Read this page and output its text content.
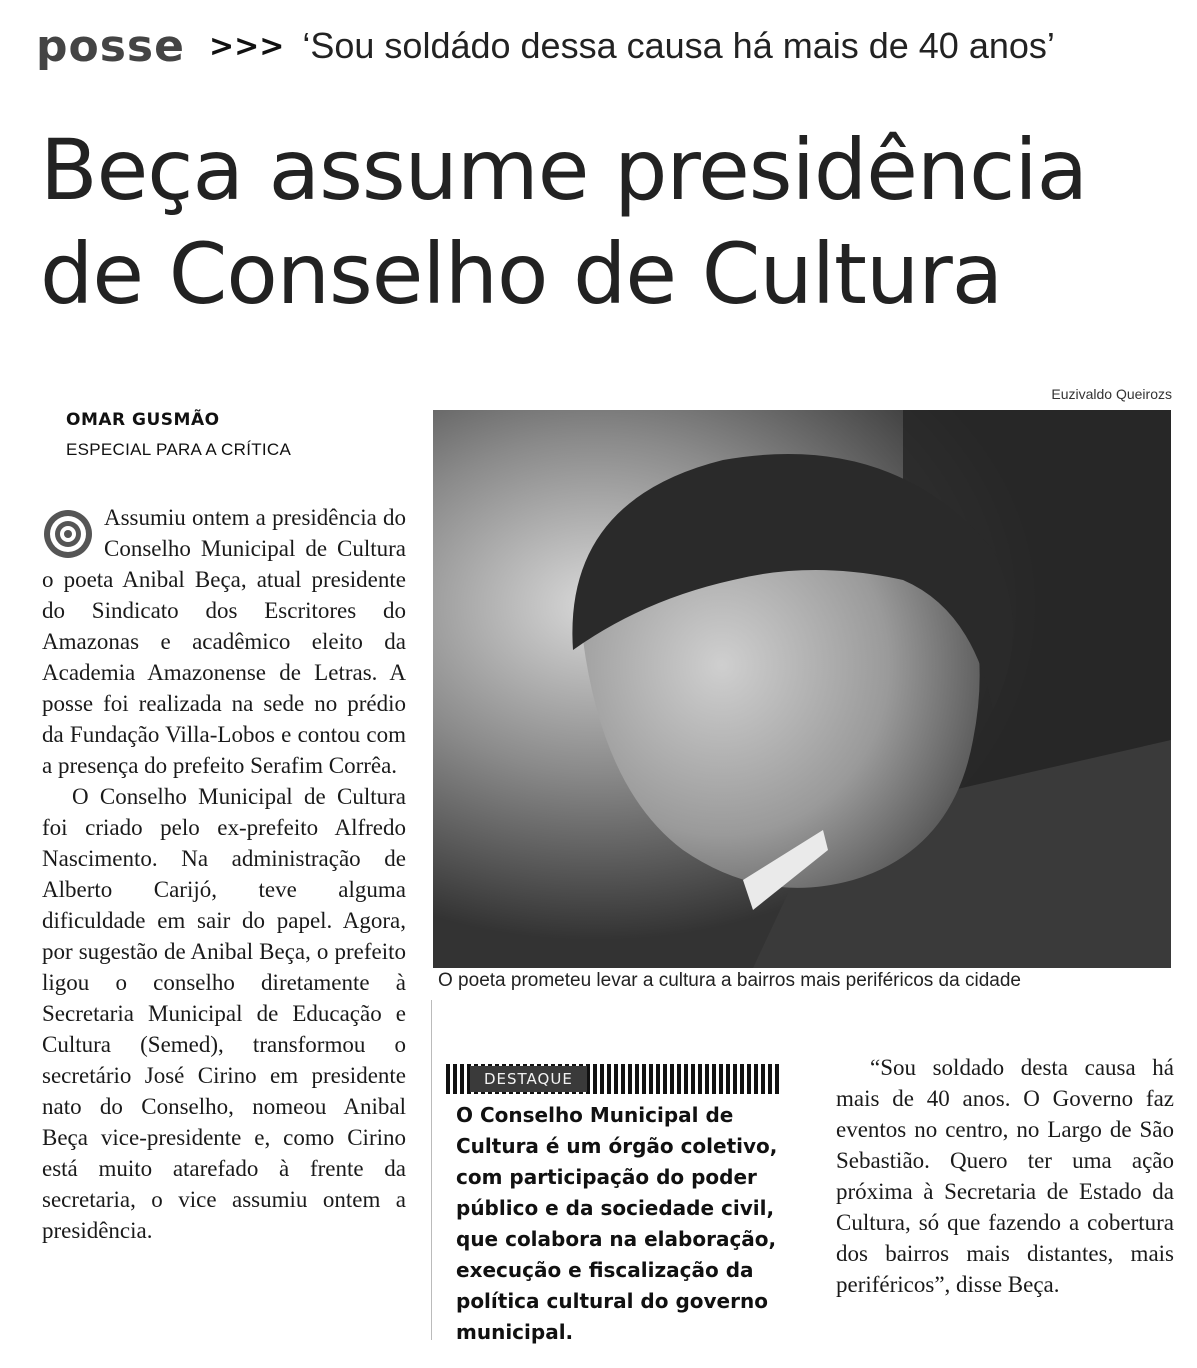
posse >>> ‘Sou soldádo dessa causa há mais de 40 anos’
Beça assume presidência
de Conselho de Cultura
Euzivaldo Queirozs
OMAR GUSMÃO
ESPECIAL PARA A CRÍTICA

Assumiu ontem a presidência do Conselho Municipal de Cultura o poeta Anibal Beça, atual presidente do Sindicato dos Escritores do Amazonas e acadêmico eleito da Academia Amazonense de Letras. A posse foi realizada na sede no prédio da Fundação Villa-Lobos e contou com a presença do prefeito Serafim Corrêa.

O Conselho Municipal de Cultura foi criado pelo ex-prefeito Alfredo Nascimento. Na administração de Alberto Carijó, teve alguma dificuldade em sair do papel. Agora, por sugestão de Anibal Beça, o prefeito ligou o conselho diretamente à Secretaria Municipal de Educação e Cultura (Semed), transformou o secretário José Cirino em presidente nato do Conselho, nomeou Anibal Beça vice-presidente e, como Cirino está muito atarefado à frente da secretaria, o vice assumiu ontem a presidência.

O poeta prometeu levar a cultura a bairros mais periféricos da cidade
DESTAQUE
O Conselho Municipal de Cultura é um órgão coletivo, com participação do poder público e da sociedade civil, que colabora na elaboração, execução e fiscalização da política cultural do governo municipal.
“Sou soldado desta causa há mais de 40 anos. O Governo faz eventos no centro, no Largo de São Sebastião. Quero ter uma ação próxima à Secretaria de Estado da Cultura, só que fazendo a cobertura dos bairros mais distantes, mais periféricos”, disse Beça.
